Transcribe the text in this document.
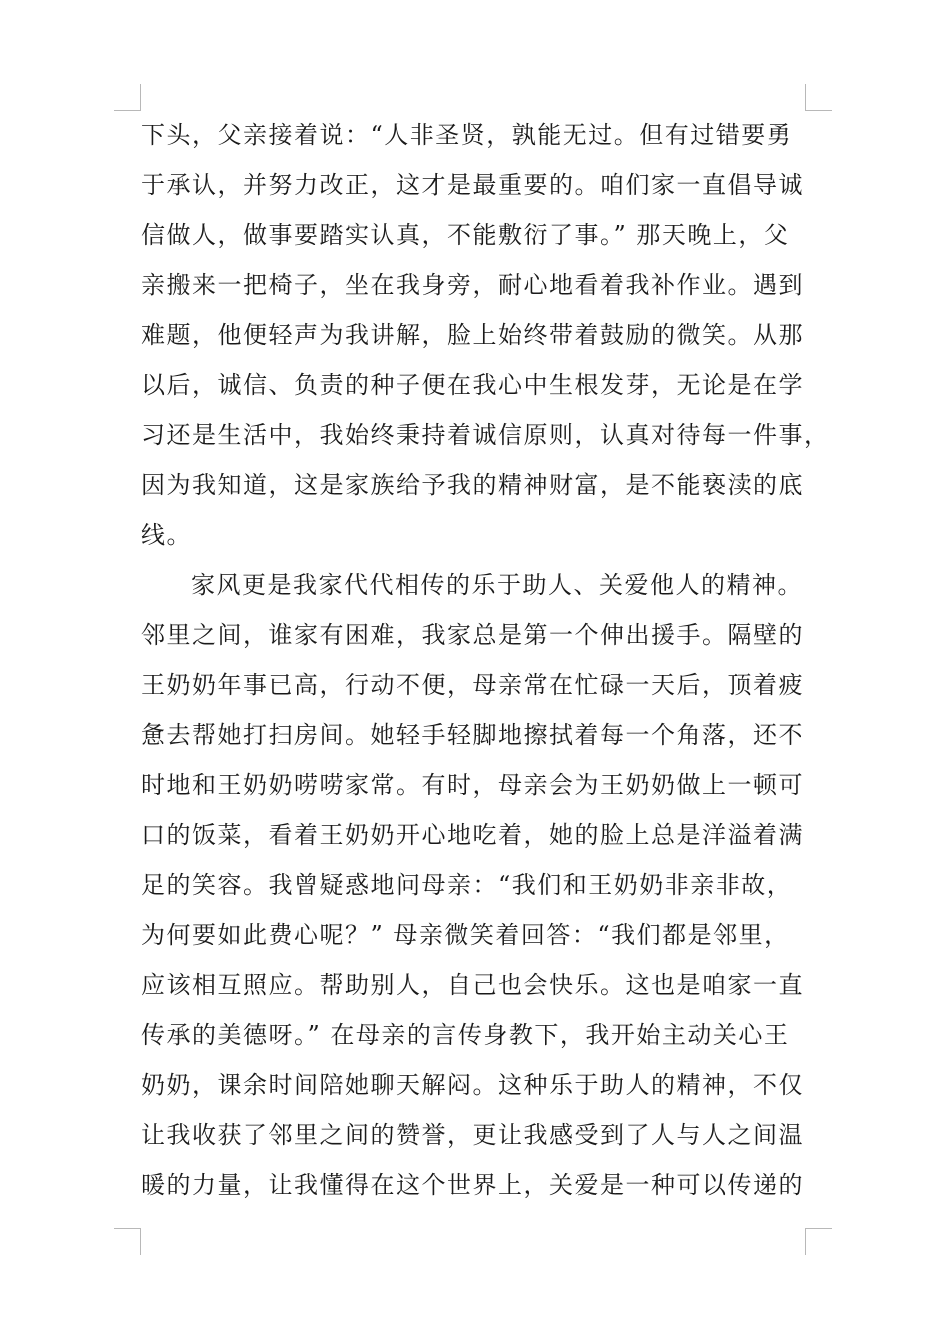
下头，父亲接着说：“人非圣贤，孰能无过。但有过错要勇
于承认，并努力改正，这才是最重要的。咱们家一直倡导诚
信做人，做事要踏实认真，不能敷衍了事。” 那天晚上，父
亲搬来一把椅子，坐在我身旁，耐心地看着我补作业。遇到
难题，他便轻声为我讲解，脸上始终带着鼓励的微笑。从那
以后，诚信、负责的种子便在我心中生根发芽，无论是在学
习还是生活中，我始终秉持着诚信原则，认真对待每一件事，
因为我知道，这是家族给予我的精神财富，是不能亵渎的底
线。
家风更是我家代代相传的乐于助人、关爱他人的精神。
邻里之间，谁家有困难，我家总是第一个伸出援手。隔壁的
王奶奶年事已高，行动不便，母亲常在忙碌一天后，顶着疲
惫去帮她打扫房间。她轻手轻脚地擦拭着每一个角落，还不
时地和王奶奶唠唠家常。有时，母亲会为王奶奶做上一顿可
口的饭菜，看着王奶奶开心地吃着，她的脸上总是洋溢着满
足的笑容。我曾疑惑地问母亲：“我们和王奶奶非亲非故，
为何要如此费心呢？” 母亲微笑着回答：“我们都是邻里，
应该相互照应。帮助别人，自己也会快乐。这也是咱家一直
传承的美德呀。” 在母亲的言传身教下，我开始主动关心王
奶奶，课余时间陪她聊天解闷。这种乐于助人的精神，不仅
让我收获了邻里之间的赞誉，更让我感受到了人与人之间温
暖的力量，让我懂得在这个世界上，关爱是一种可以传递的
